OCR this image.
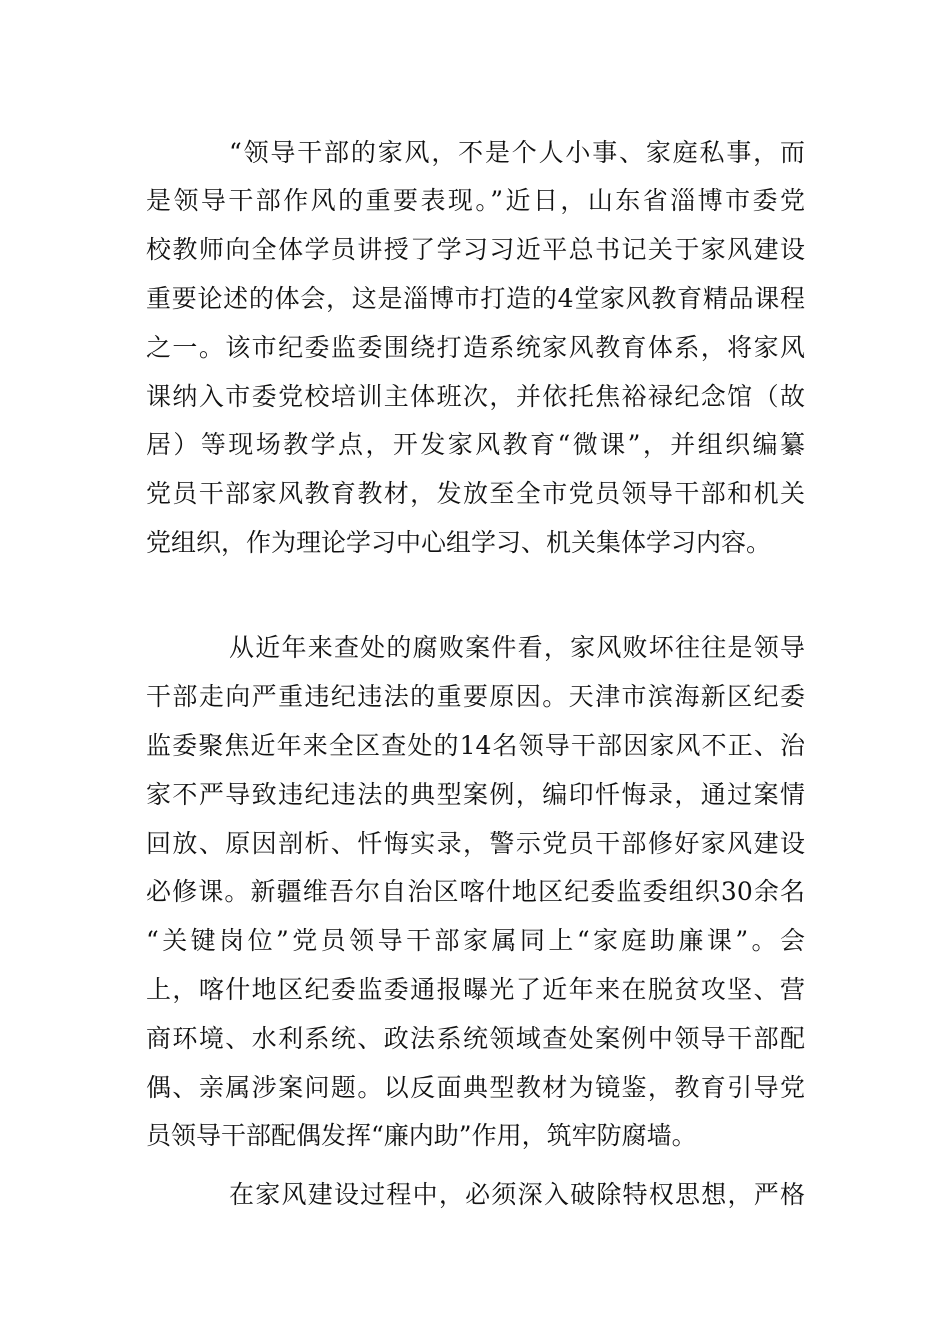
“领导干部的家风，不是个人小事、家庭私事，而
是领导干部作风的重要表现。”近日，山东省淄博市委党
校教师向全体学员讲授了学习习近平总书记关于家风建设
重要论述的体会，这是淄博市打造的4堂家风教育精品课程
之一。该市纪委监委围绕打造系统家风教育体系，将家风
课纳入市委党校培训主体班次，并依托焦裕禄纪念馆（故
居）等现场教学点，开发家风教育“微课”，并组织编纂
党员干部家风教育教材，发放至全市党员领导干部和机关
党组织，作为理论学习中心组学习、机关集体学习内容。
从近年来查处的腐败案件看，家风败坏往往是领导
干部走向严重违纪违法的重要原因。天津市滨海新区纪委
监委聚焦近年来全区查处的14名领导干部因家风不正、治
家不严导致违纪违法的典型案例，编印忏悔录，通过案情
回放、原因剖析、忏悔实录，警示党员干部修好家风建设
必修课。新疆维吾尔自治区喀什地区纪委监委组织30余名
“关键岗位”党员领导干部家属同上“家庭助廉课”。会
上，喀什地区纪委监委通报曝光了近年来在脱贫攻坚、营
商环境、水利系统、政法系统领域查处案例中领导干部配
偶、亲属涉案问题。以反面典型教材为镜鉴，教育引导党
员领导干部配偶发挥“廉内助”作用，筑牢防腐墙。
在家风建设过程中，必须深入破除特权思想，严格
